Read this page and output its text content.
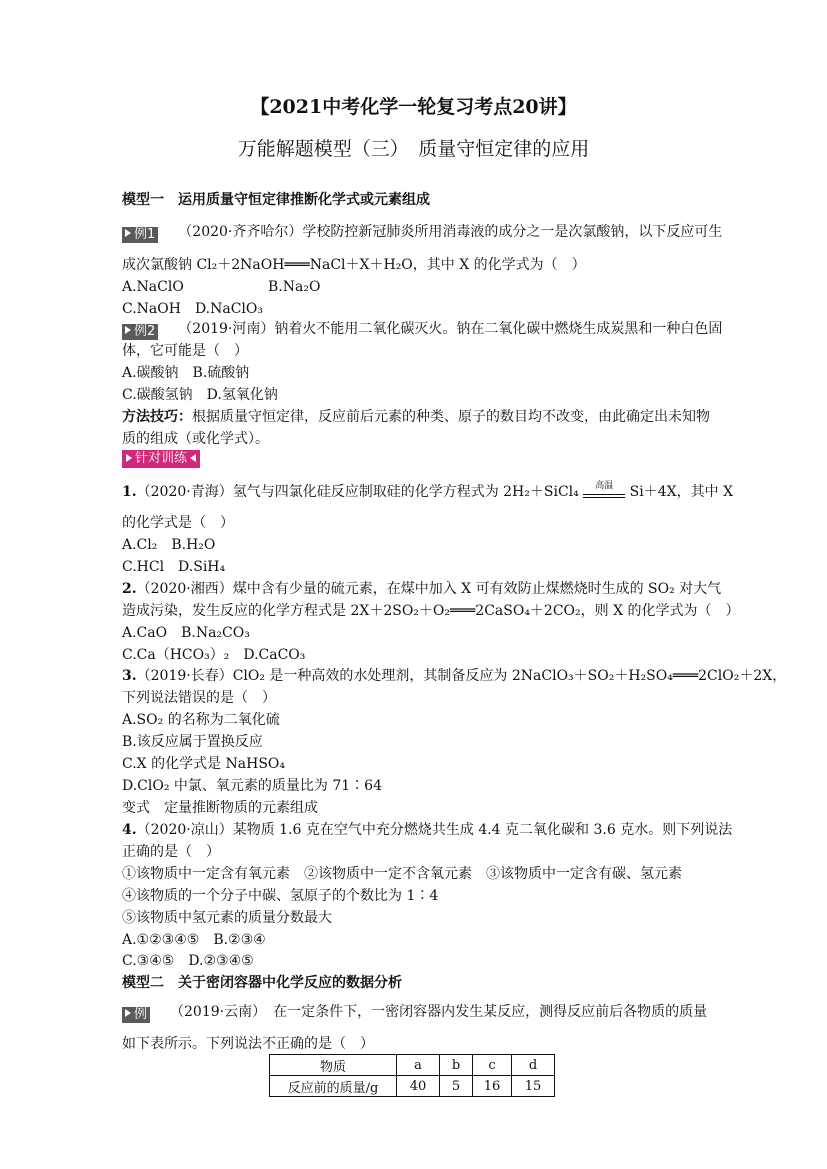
【2021中考化学一轮复习考点20讲】
万能解题模型（三）　质量守恒定律的应用
模型一　运用质量守恒定律推断化学式或元素组成
例1 （2020·齐齐哈尔）学校防控新冠肺炎所用消毒液的成分之一是次氯酸钠，以下反应可生
成次氯酸钠 Cl₂＋2NaOH═══NaCl＋X＋H₂O，其中 X 的化学式为（　）
A.NaClO	B.Na₂O
C.NaOH　D.NaClO₃
例2 （2019·河南）钠着火不能用二氧化碳灭火。钠在二氧化碳中燃烧生成炭黑和一种白色固
体，它可能是（　）
A.碳酸钠　B.硫酸钠
C.碳酸氢钠　D.氢氧化钠
方法技巧：根据质量守恒定律，反应前后元素的种类、原子的数目均不改变，由此确定出未知物
质的组成（或化学式）。
针对训练
1.（2020·青海）氢气与四氯化硅反应制取硅的化学方程式为 2H₂＋SiCl₄	高温	Si＋4X，其中 X
的化学式是（　）
A.Cl₂　B.H₂O
C.HCl　D.SiH₄
2.（2020·湘西）煤中含有少量的硫元素，在煤中加入 X 可有效防止煤燃烧时生成的 SO₂ 对大气
造成污染，发生反应的化学方程式是 2X＋2SO₂＋O₂═══2CaSO₄＋2CO₂，则 X 的化学式为（　）
A.CaO　B.Na₂CO₃
C.Ca（HCO₃）₂　D.CaCO₃
3.（2019·长春）ClO₂ 是一种高效的水处理剂，其制备反应为 2NaClO₃＋SO₂＋H₂SO₄═══2ClO₂＋2X，
下列说法错误的是（　）
A.SO₂ 的名称为二氧化硫
B.该反应属于置换反应
C.X 的化学式是 NaHSO₄
D.ClO₂ 中氯、氧元素的质量比为 71∶64
变式　定量推断物质的元素组成
4.（2020·凉山）某物质 1.6 克在空气中充分燃烧共生成 4.4 克二氧化碳和 3.6 克水。则下列说法
正确的是（　）
①该物质中一定含有氧元素　②该物质中一定不含氧元素　③该物质中一定含有碳、氢元素
④该物质的一个分子中碳、氢原子的个数比为 1∶4
⑤该物质中氢元素的质量分数最大
A.①②③④⑤　B.②③④
C.③④⑤　D.②③④⑤
模型二　关于密闭容器中化学反应的数据分析
例 （2019·云南）　在一定条件下，一密闭容器内发生某反应，测得反应前后各物质的质量
如下表所示。下列说法不正确的是（　）
物质	a	b	c	d
反应前的质量/g	40	5	16	15
